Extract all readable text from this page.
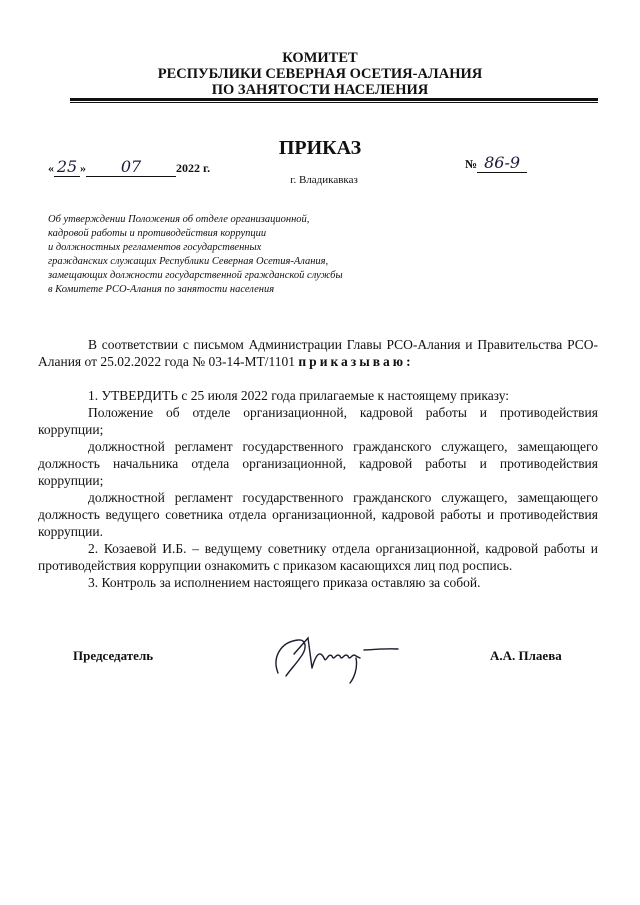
КОМИТЕТ
РЕСПУБЛИКИ СЕВЕРНАЯ ОСЕТИЯ-АЛАНИЯ
ПО ЗАНЯТОСТИ НАСЕЛЕНИЯ
ПРИКАЗ
« 25 » 07	2022 г.
г. Владикавказ
№ 86-9
Об утверждении Положения об отделе организационной,
кадровой работы и противодействия коррупции
и должностных регламентов государственных
гражданских служащих Республики Северная Осетия-Алания,
замещающих должности государственной гражданской службы
в Комитете РСО-Алания по занятости населения
В соответствии с письмом Администрации Главы РСО-Алания и Правительства РСО-Алания от 25.02.2022 года № 03-14-МТ/1101 приказываю:
1. УТВЕРДИТЬ с 25 июля 2022 года прилагаемые к настоящему приказу:
Положение об отделе организационной, кадровой работы и противодействия коррупции;
должностной регламент государственного гражданского служащего, замещающего должность начальника отдела организационной, кадровой работы и противодействия коррупции;
должностной регламент государственного гражданского служащего, замещающего должность ведущего советника отдела организационной, кадровой работы и противодействия коррупции.
2. Козаевой И.Б. – ведущему советнику отдела организационной, кадровой работы и противодействия коррупции ознакомить с приказом касающихся лиц под роспись.
3. Контроль за исполнением настоящего приказа оставляю за собой.
Председатель	А.А. Плаева
